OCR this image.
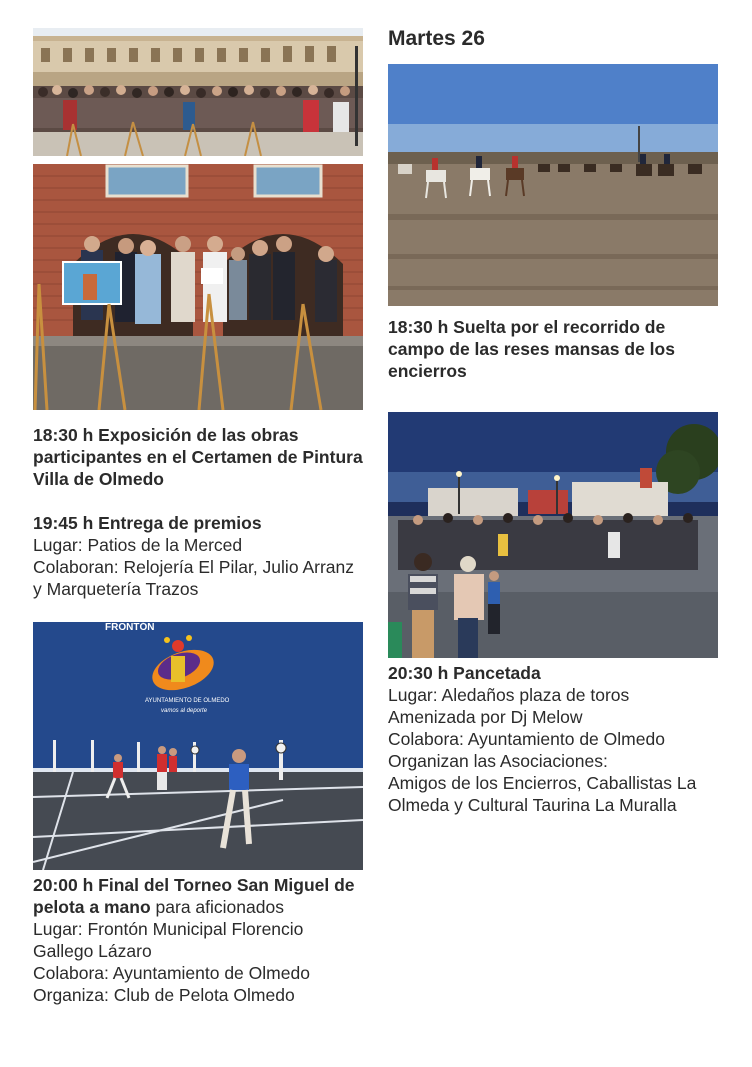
18:30 h Exposición de las obras participantes en el Certamen de Pintura Villa de Olmedo

19:45 h Entrega de premios

Lugar: Patios de la Merced

Colaboran: Relojería El Pilar, Julio Arranz y Marquetería Trazos

FRONTÓN
AYUNTAMIENTO DE OLMEDO
vamos al deporte

20:00 h Final del Torneo San Miguel de pelota a mano para aficionados

Lugar: Frontón Municipal Florencio Gallego Lázaro

Colabora: Ayuntamiento de Olmedo

Organiza: Club de Pelota Olmedo

Martes 26

18:30 h Suelta por el recorrido de campo de las reses mansas de los encierros

20:30 h Pancetada

Lugar: Aledaños plaza de toros

Amenizada por Dj Melow

Colabora: Ayuntamiento de Olmedo

Organizan las Asociaciones:

Amigos de los Encierros, Caballistas La Olmeda y Cultural Taurina La Muralla
